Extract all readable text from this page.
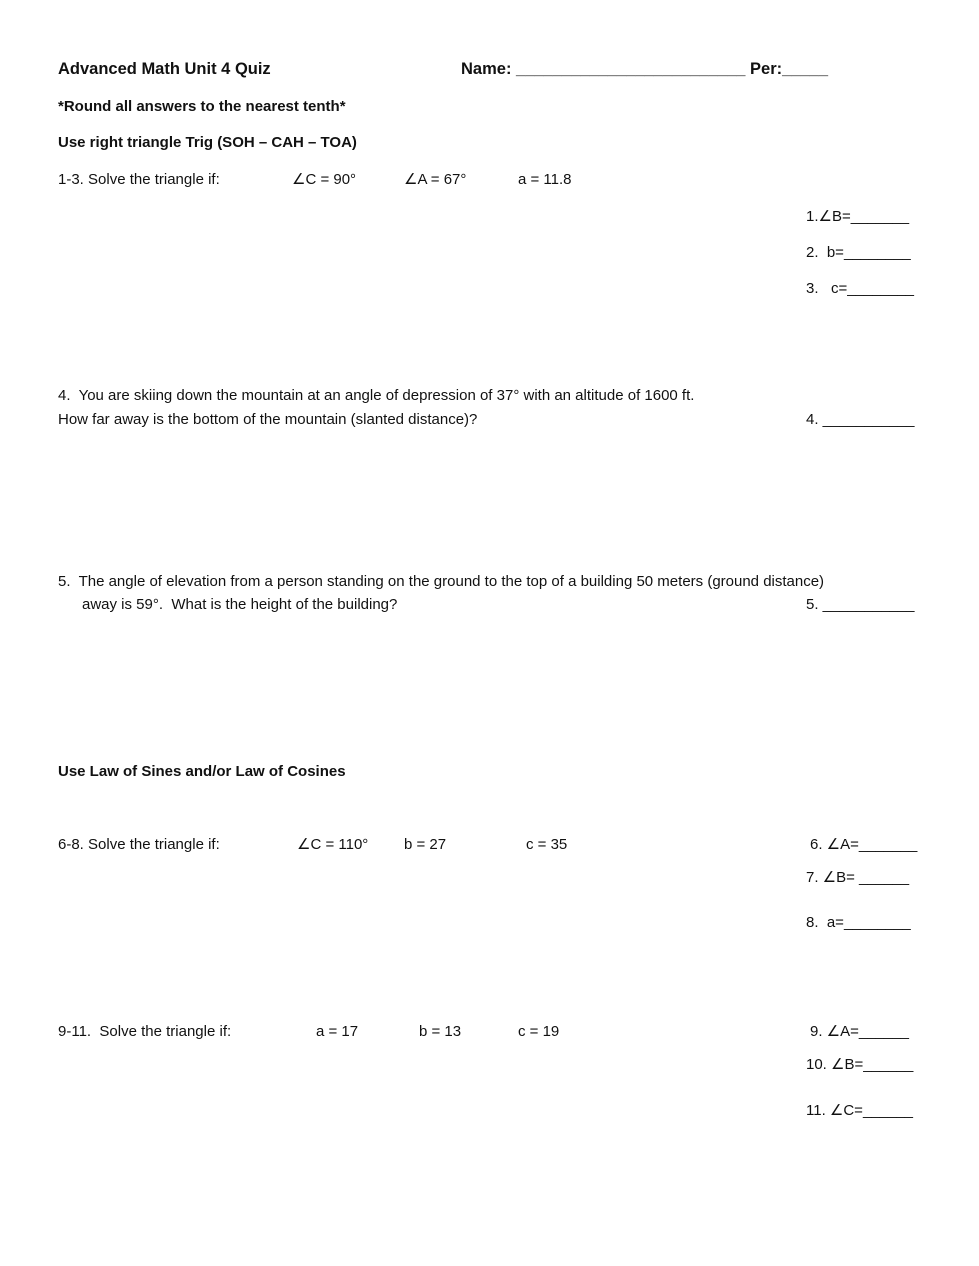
Advanced Math Unit 4 Quiz	Name: _________________________ Per:_____
*Round all answers to the nearest tenth*
Use right triangle Trig (SOH – CAH – TOA)
1-3. Solve the triangle if:	∠C = 90°	∠A = 67°	a = 11.8
1.∠B=_______
2.  b=________
3.   c=________
4.  You are skiing down the mountain at an angle of depression of 37° with an altitude of 1600 ft.
How far away is the bottom of the mountain (slanted distance)?	4. ___________
5.  The angle of elevation from a person standing on the ground to the top of a building 50 meters (ground distance)
away is 59°.  What is the height of the building?	5. ___________
Use Law of Sines and/or Law of Cosines
6-8. Solve the triangle if:	∠C = 110° b = 27	c = 35	6. ∠A=_______
7. ∠B= ______
8.  a=________
9-11.  Solve the triangle if:	a = 17	b = 13	c = 19	9. ∠A=______
10. ∠B=______
11. ∠C=______
